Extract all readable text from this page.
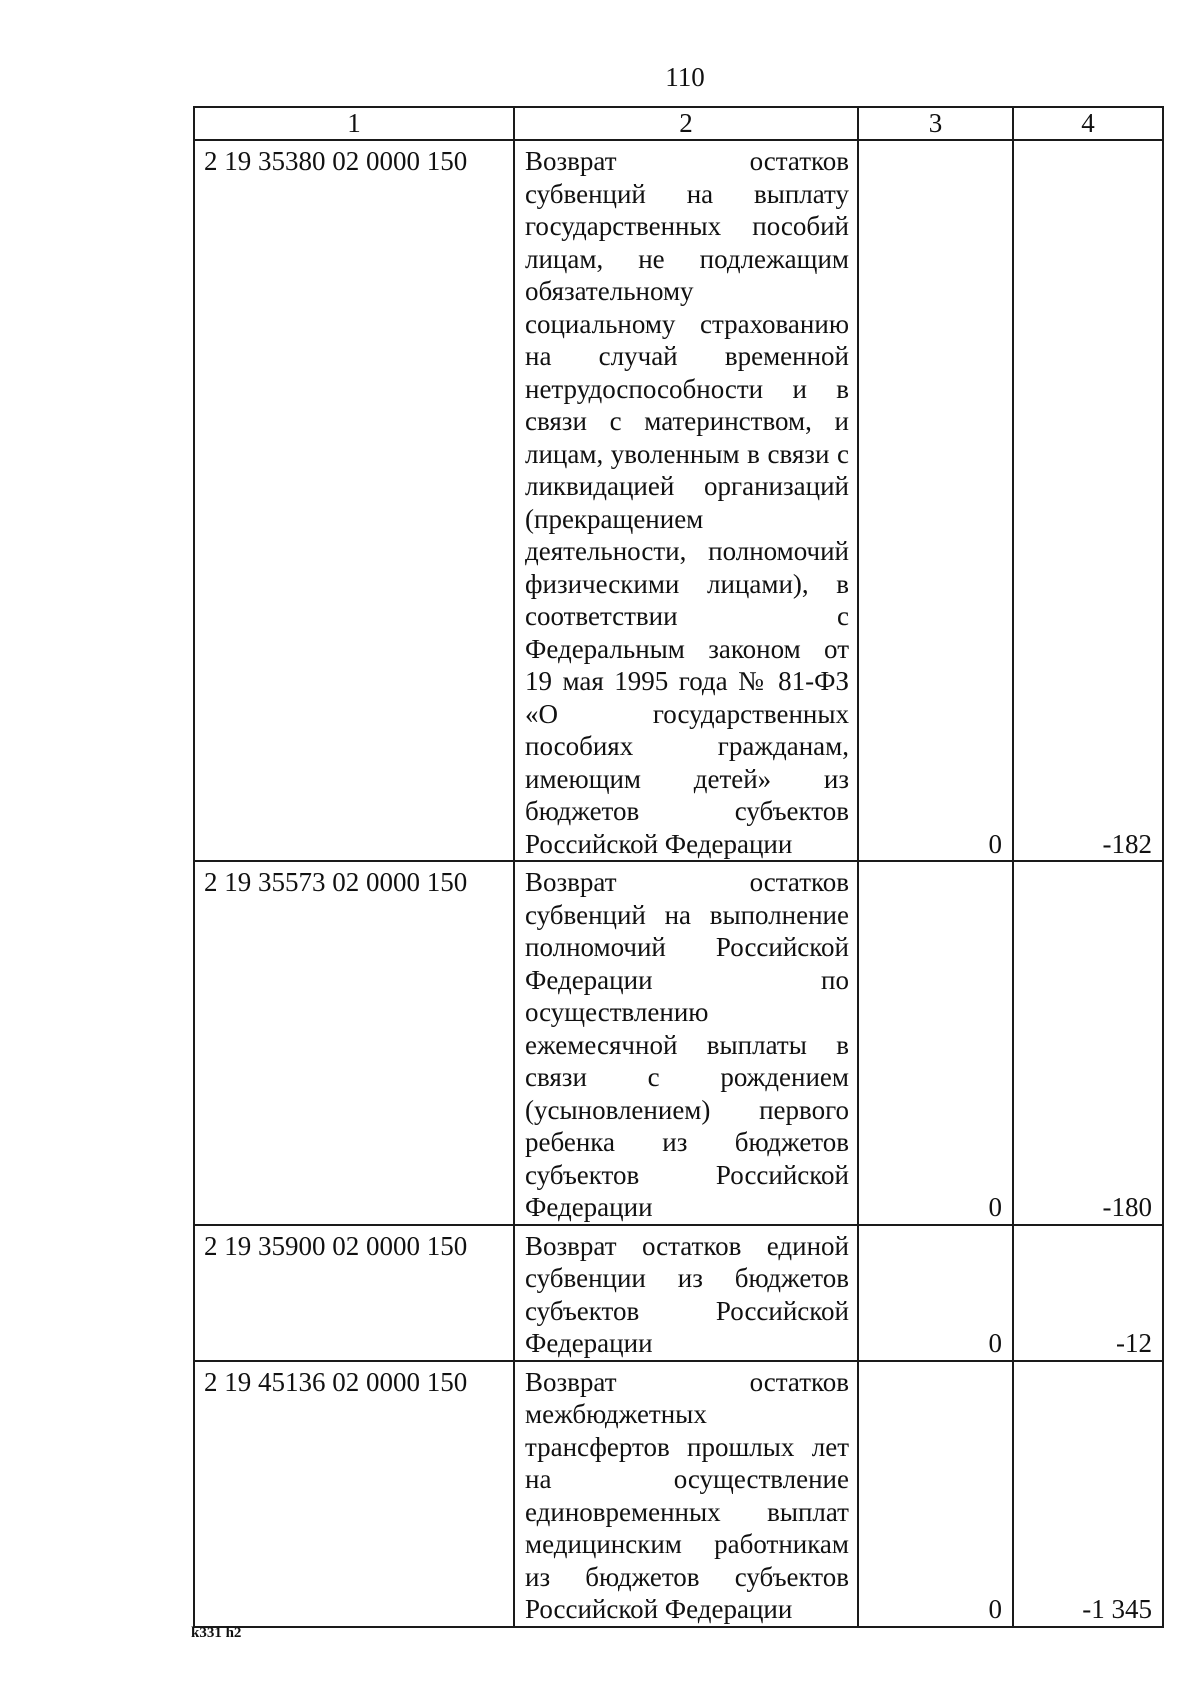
110
1	2	3	4
2 19 35380 02 0000 150	Возврат остатков субвенций на выплату государственных пособий лицам, не подлежащим обязательному социальному страхованию на случай временной нетрудоспособности и в связи с материнством, и лицам, уволенным в связи с ликвидацией организаций (прекращением деятельности, полномочий физическими лицами), в соответствии с Федеральным законом от 19 мая 1995 года № 81-ФЗ «О государственных пособиях гражданам, имеющим детей» из бюджетов субъектов Российской Федерации	0	-182
2 19 35573 02 0000 150	Возврат остатков субвенций на выполнение полномочий Российской Федерации по осуществлению ежемесячной выплаты в связи с рождением (усыновлением) первого ребенка из бюджетов субъектов Российской Федерации	0	-180
2 19 35900 02 0000 150	Возврат остатков единой субвенции из бюджетов субъектов Российской Федерации	0	-12
2 19 45136 02 0000 150	Возврат остатков межбюджетных трансфертов прошлых лет на осуществление единовременных выплат медицинским работникам из бюджетов субъектов Российской Федерации	0	-1 345
k331 h2
